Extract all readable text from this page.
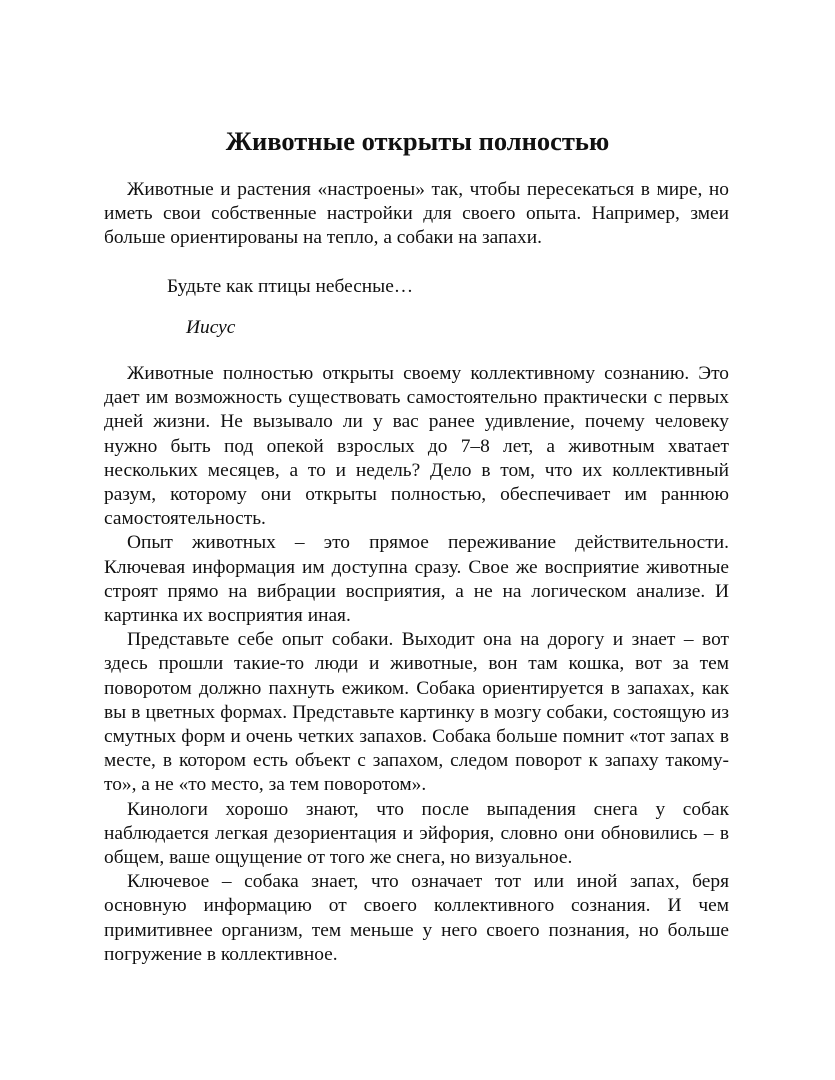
Животные открыты полностью

Животные и растения «настроены» так, чтобы пересекаться в мире, но иметь свои собственные настройки для своего опыта. Например, змеи больше ориентированы на тепло, а собаки на запахи.

Будьте как птицы небесные…

Иисус

Животные полностью открыты своему коллективному сознанию. Это дает им возможность существовать самостоятельно практически с первых дней жизни. Не вызывало ли у вас ранее удивление, почему человеку нужно быть под опекой взрослых до 7–8 лет, а животным хватает нескольких месяцев, а то и недель? Дело в том, что их коллективный разум, которому они открыты полностью, обеспечивает им раннюю самостоятельность.

Опыт животных – это прямое переживание действительности. Ключевая информация им доступна сразу. Свое же восприятие животные строят прямо на вибрации восприятия, а не на логическом анализе. И картинка их восприятия иная.

Представьте себе опыт собаки. Выходит она на дорогу и знает – вот здесь прошли такие-то люди и животные, вон там кошка, вот за тем поворотом должно пахнуть ежиком. Собака ориентируется в запахах, как вы в цветных формах. Представьте картинку в мозгу собаки, состоящую из смутных форм и очень четких запахов. Собака больше помнит «тот запах в месте, в котором есть объект с запахом, следом поворот к запаху такому-то», а не «то место, за тем поворотом».

Кинологи хорошо знают, что после выпадения снега у собак наблюдается легкая дезориентация и эйфория, словно они обновились – в общем, ваше ощущение от того же снега, но визуальное.

Ключевое – собака знает, что означает тот или иной запах, беря основную информацию от своего коллективного сознания. И чем примитивнее организм, тем меньше у него своего познания, но больше погружение в коллективное.
